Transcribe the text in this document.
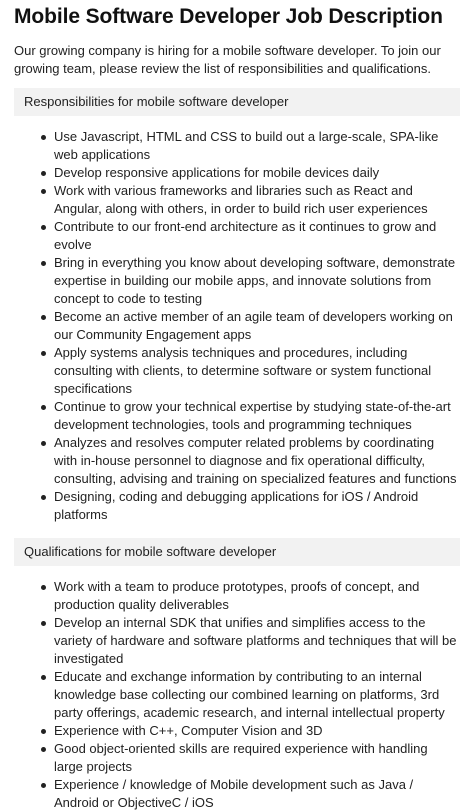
Mobile Software Developer Job Description

Our growing company is hiring for a mobile software developer. To join our growing team, please review the list of responsibilities and qualifications.

Responsibilities for mobile software developer
Use Javascript, HTML and CSS to build out a large-scale, SPA-like web applications
Develop responsive applications for mobile devices daily
Work with various frameworks and libraries such as React and Angular, along with others, in order to build rich user experiences
Contribute to our front-end architecture as it continues to grow and evolve
Bring in everything you know about developing software, demonstrate expertise in building our mobile apps, and innovate solutions from concept to code to testing
Become an active member of an agile team of developers working on our Community Engagement apps
Apply systems analysis techniques and procedures, including consulting with clients, to determine software or system functional specifications
Continue to grow your technical expertise by studying state-of-the-art development technologies, tools and programming techniques
Analyzes and resolves computer related problems by coordinating with in-house personnel to diagnose and fix operational difficulty, consulting, advising and training on specialized features and functions
Designing, coding and debugging applications for iOS / Android platforms
Qualifications for mobile software developer
Work with a team to produce prototypes, proofs of concept, and production quality deliverables
Develop an internal SDK that unifies and simplifies access to the variety of hardware and software platforms and techniques that will be investigated
Educate and exchange information by contributing to an internal knowledge base collecting our combined learning on platforms, 3rd party offerings, academic research, and internal intellectual property
Experience with C++, Computer Vision and 3D
Good object-oriented skills are required experience with handling large projects
Experience / knowledge of Mobile development such as Java / Android or ObjectiveC / iOS
